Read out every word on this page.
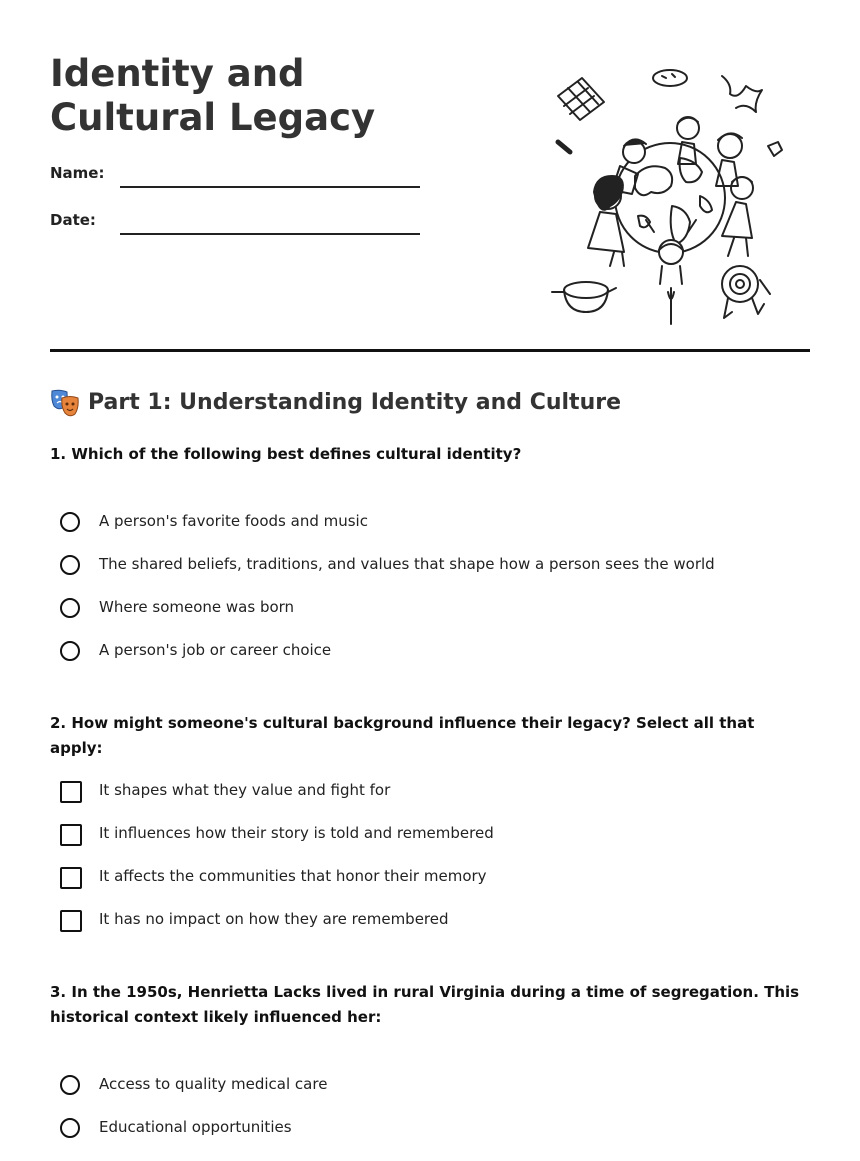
Identity and Cultural Legacy
Name:
Date:
Part 1: Understanding Identity and Culture

1. Which of the following best defines cultural identity?

A person's favorite foods and music
The shared beliefs, traditions, and values that shape how a person sees the world
Where someone was born
A person's job or career choice

2. How might someone's cultural background influence their legacy? Select all that apply:

It shapes what they value and fight for
It influences how their story is told and remembered
It affects the communities that honor their memory
It has no impact on how they are remembered

3. In the 1950s, Henrietta Lacks lived in rural Virginia during a time of segregation. This historical context likely influenced her:

Access to quality medical care
Educational opportunities
